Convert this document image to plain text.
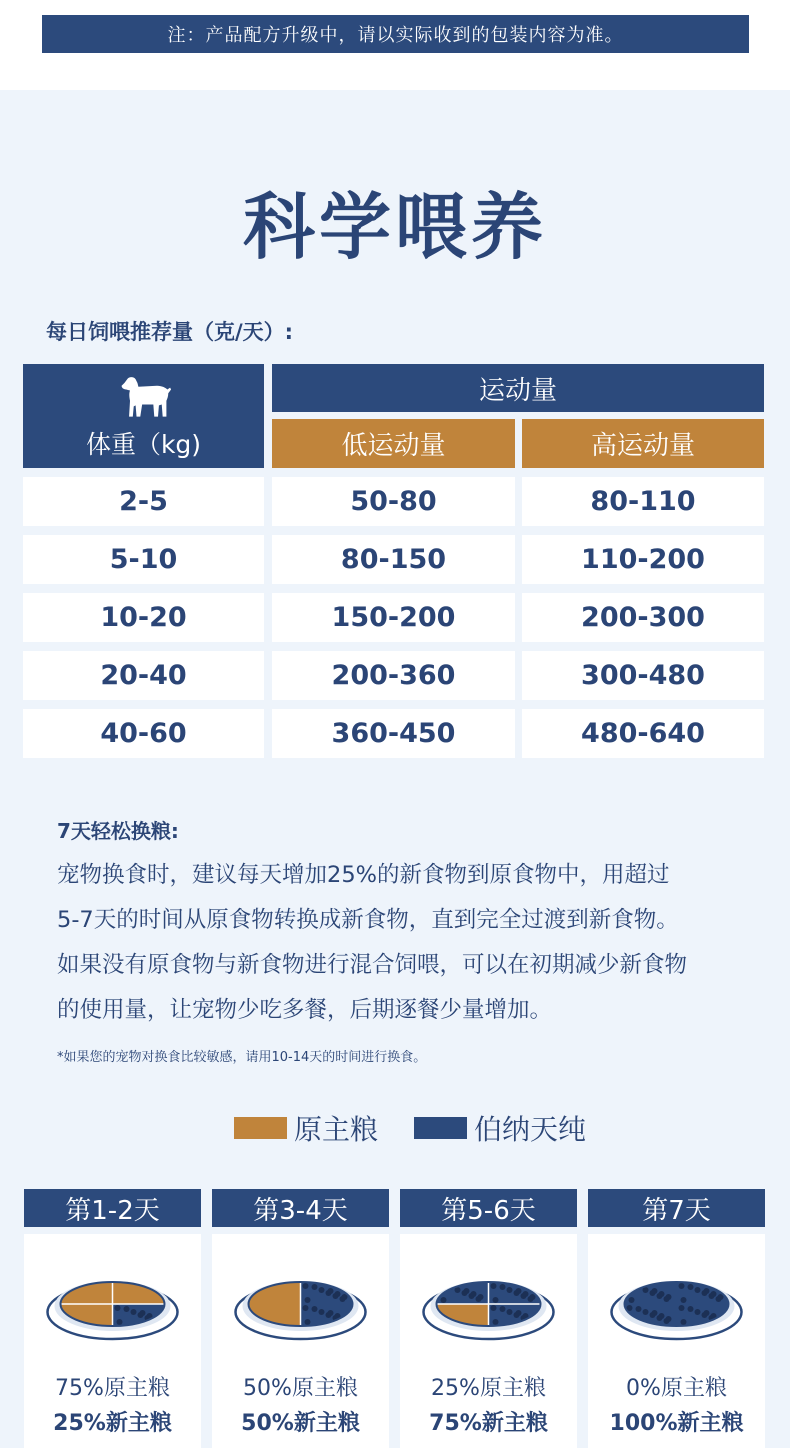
注：产品配方升级中，请以实际收到的包装内容为准。
科学喂养
每日饲喂推荐量（克/天）:
体重（kg)
运动量
低运动量	高运动量
2-5	50-80	80-110
5-10	80-150	110-200
10-20	150-200	200-300
20-40	200-360	300-480
40-60	360-450	480-640
7天轻松换粮:
宠物换食时，建议每天增加25%的新食物到原食物中，用超过
5-7天的时间从原食物转换成新食物，直到完全过渡到新食物。
如果没有原食物与新食物进行混合饲喂，可以在初期减少新食物
的使用量，让宠物少吃多餐，后期逐餐少量增加。
*如果您的宠物对换食比较敏感，请用10-14天的时间进行换食。
原主粮	伯纳天纯
第1-2天
75%原主粮
25%新主粮
第3-4天
50%原主粮
50%新主粮
第5-6天
25%原主粮
75%新主粮
第7天
0%原主粮
100%新主粮
